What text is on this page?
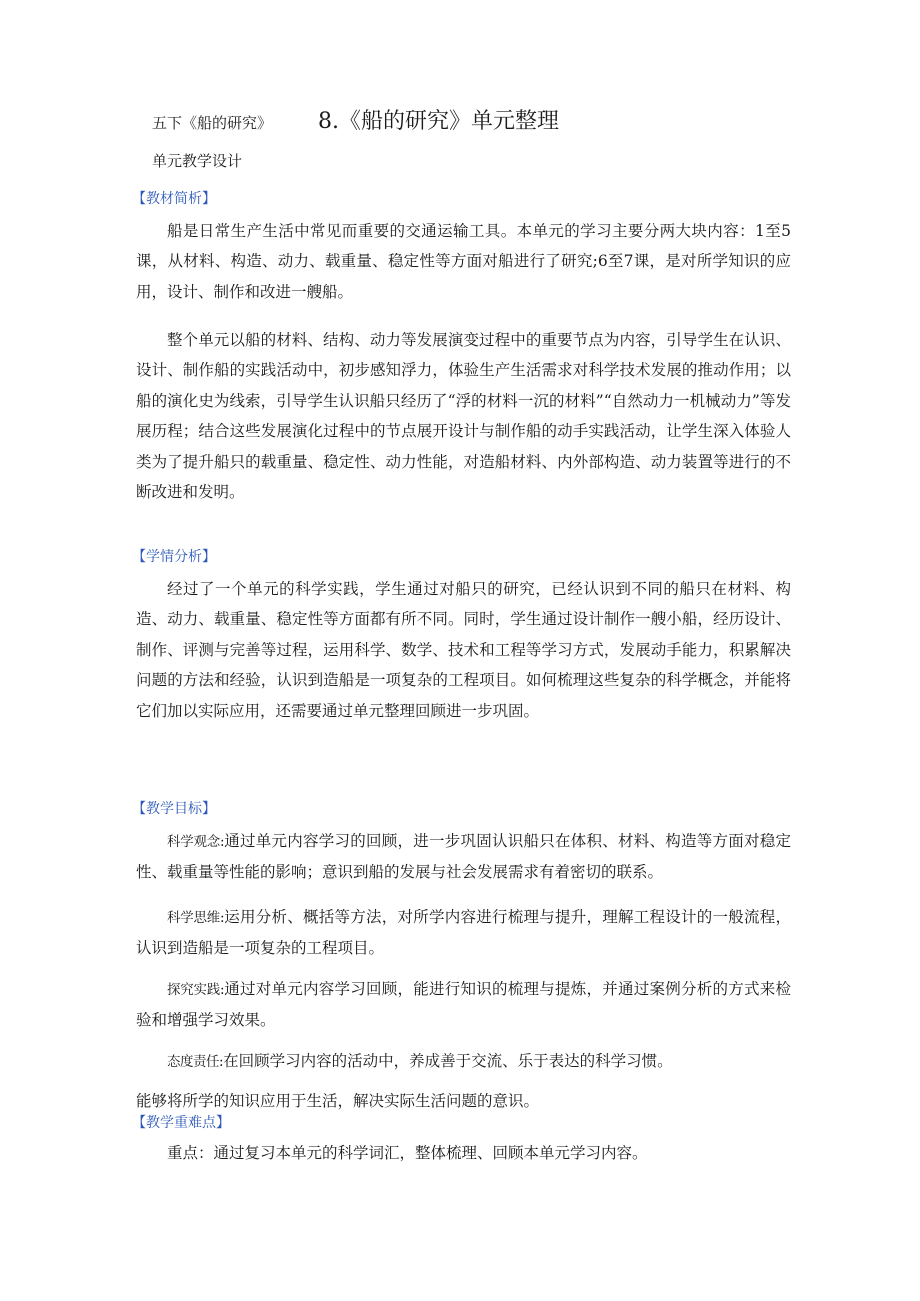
五下《船的研究》 8.《船的研究》单元整理
单元教学设计
【教材简析】

船是日常生产生活中常见而重要的交通运输工具。本单元的学习主要分两大块内容：1至5课，从材料、构造、动力、载重量、稳定性等方面对船进行了研究;6至7课，是对所学知识的应用，设计、制作和改进一艘船。

整个单元以船的材料、结构、动力等发展演变过程中的重要节点为内容，引导学生在认识、设计、制作船的实践活动中，初步感知浮力，体验生产生活需求对科学技术发展的推动作用；以船的演化史为线索，引导学生认识船只经历了“浮的材料一沉的材料”“自然动力一机械动力”等发展历程；结合这些发展演化过程中的节点展开设计与制作船的动手实践活动，让学生深入体验人类为了提升船只的载重量、稳定性、动力性能，对造船材料、内外部构造、动力装置等进行的不断改进和发明。

【学情分析】

经过了一个单元的科学实践，学生通过对船只的研究，已经认识到不同的船只在材料、构造、动力、载重量、稳定性等方面都有所不同。同时，学生通过设计制作一艘小船，经历设计、制作、评测与完善等过程，运用科学、数学、技术和工程等学习方式，发展动手能力，积累解决问题的方法和经验，认识到造船是一项复杂的工程项目。如何梳理这些复杂的科学概念，并能将它们加以实际应用，还需要通过单元整理回顾进一步巩固。

【教学目标】

科学观念:通过单元内容学习的回顾，进一步巩固认识船只在体积、材料、构造等方面对稳定性、载重量等性能的影响；意识到船的发展与社会发展需求有着密切的联系。

科学思维:运用分析、概括等方法，对所学内容进行梳理与提升，理解工程设计的一般流程，认识到造船是一项复杂的工程项目。

探究实践:通过对单元内容学习回顾，能进行知识的梳理与提炼，并通过案例分析的方式来检验和增强学习效果。

态度责任:在回顾学习内容的活动中，养成善于交流、乐于表达的科学习惯。

能够将所学的知识应用于生活，解决实际生活问题的意识。

【教学重难点】

重点：通过复习本单元的科学词汇，整体梳理、回顾本单元学习内容。
